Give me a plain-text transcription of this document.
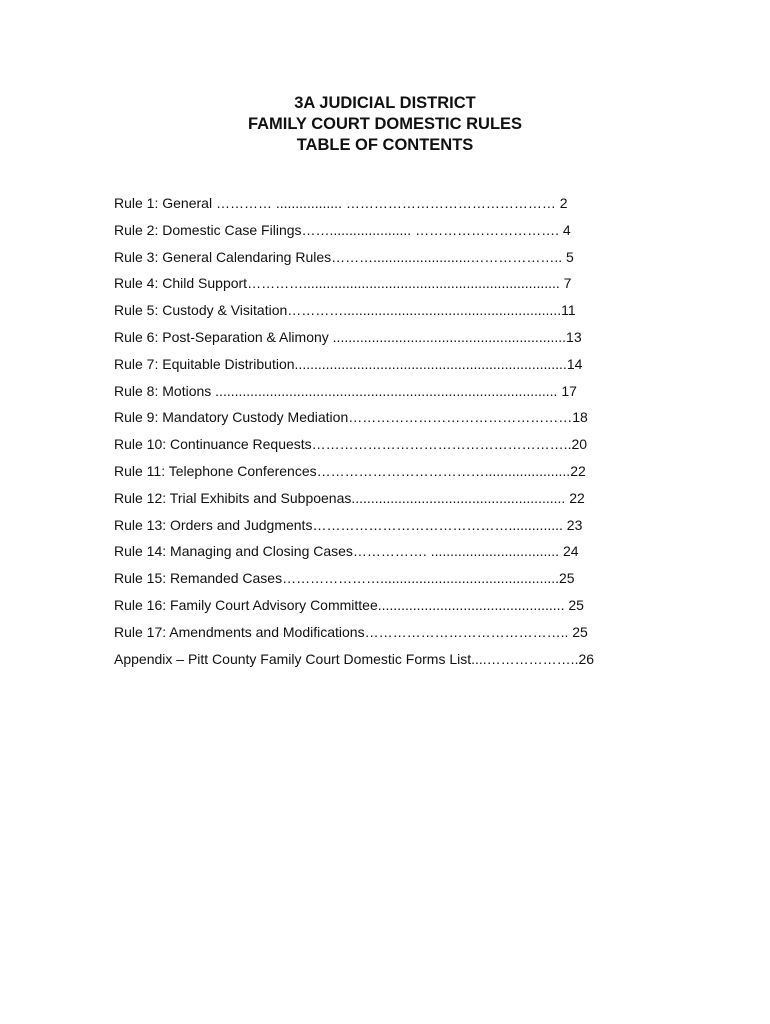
3A JUDICIAL DISTRICT
FAMILY COURT DOMESTIC RULES
TABLE OF CONTENTS
Rule 1: General ………… ................. ……………………………………… 2
Rule 2: Domestic Case Filings……..................... …………………………. 4
Rule 3: General Calendaring Rules……….........................……………….. 5
Rule 4: Child Support………….................................................................. 7
Rule 5: Custody & Visitation…………........................................................11
Rule 6: Post-Separation & Alimony ............................................................13
Rule 7: Equitable Distribution......................................................................14
Rule 8: Motions ........................................................................................ 17
Rule 9: Mandatory Custody Mediation…………………………………………18
Rule 10: Continuance Requests………………………………………………..20
Rule 11: Telephone Conferences………………………………......................22
Rule 12: Trial Exhibits and Subpoenas....................................................... 22
Rule 13: Orders and Judgments…………………………………….............. 23
Rule 14: Managing and Closing Cases……………. ................................. 24
Rule 15: Remanded Cases…………………..............................................25
Rule 16: Family Court Advisory Committee................................................ 25
Rule 17: Amendments and Modifications…………………………………….. 25
Appendix – Pitt County Family Court Domestic Forms List....………………..26
